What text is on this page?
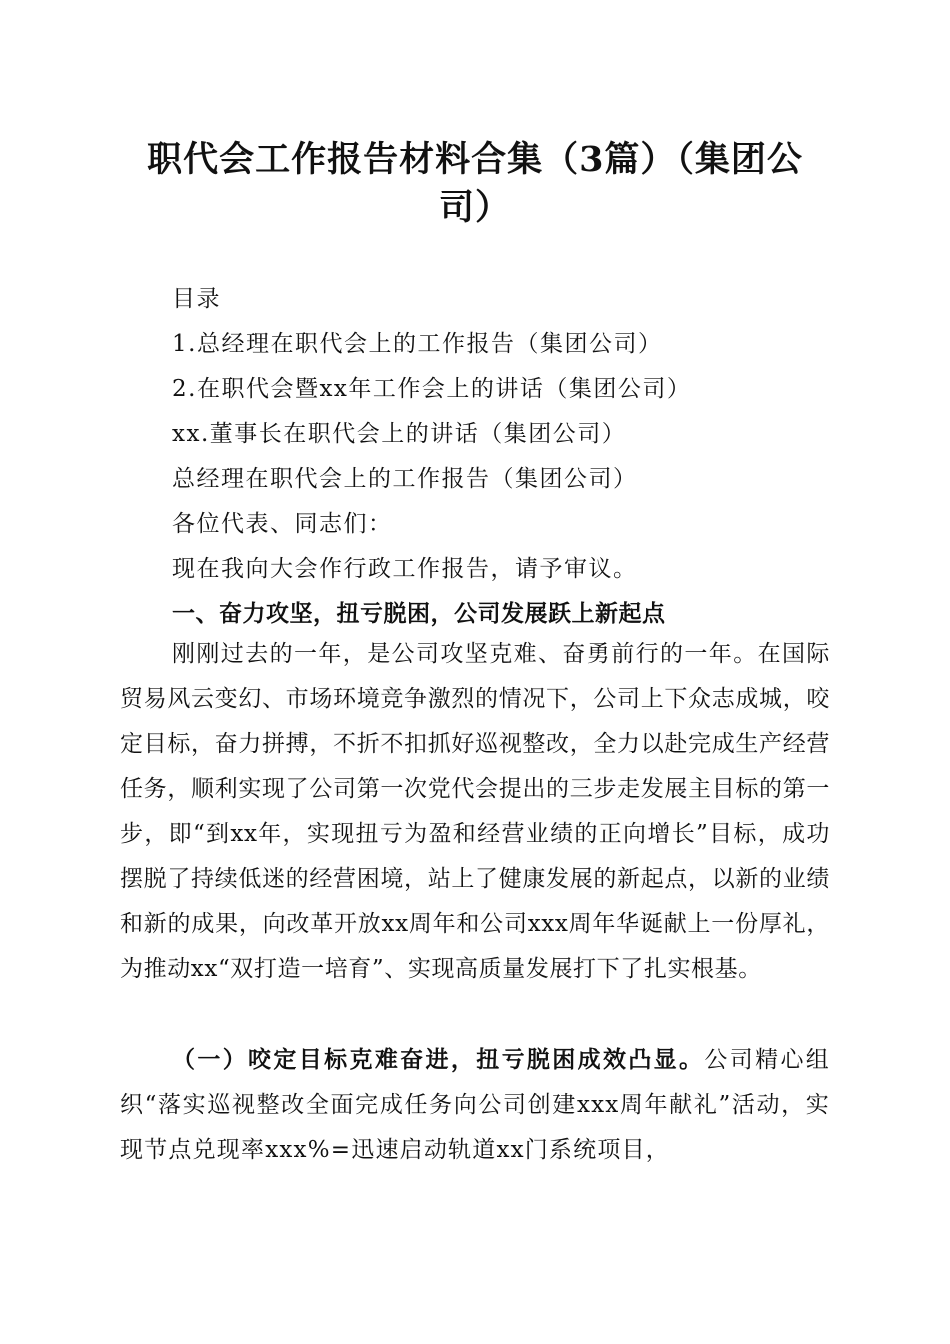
职代会工作报告材料合集（3篇）（集团公司）
目录
1.总经理在职代会上的工作报告（集团公司）
2.在职代会暨xx年工作会上的讲话（集团公司）
xx.董事长在职代会上的讲话（集团公司）
总经理在职代会上的工作报告（集团公司）
各位代表、同志们：
现在我向大会作行政工作报告，请予审议。
一、奋力攻坚，扭亏脱困，公司发展跃上新起点

刚刚过去的一年，是公司攻坚克难、奋勇前行的一年。在国际贸易风云变幻、市场环境竞争激烈的情况下，公司上下众志成城，咬定目标，奋力拼搏，不折不扣抓好巡视整改，全力以赴完成生产经营任务，顺利实现了公司第一次党代会提出的三步走发展主目标的第一步，即“到xx年，实现扭亏为盈和经营业绩的正向增长”目标，成功摆脱了持续低迷的经营困境，站上了健康发展的新起点，以新的业绩和新的成果，向改革开放xx周年和公司xxx周年华诞献上一份厚礼，为推动xx“双打造一培育”、实现高质量发展打下了扎实根基。

（一）咬定目标克难奋进，扭亏脱困成效凸显。公司精心组织“落实巡视整改全面完成任务向公司创建xxx周年献礼”活动，实现节点兑现率xxx%=迅速启动轨道xx门系统项目，
